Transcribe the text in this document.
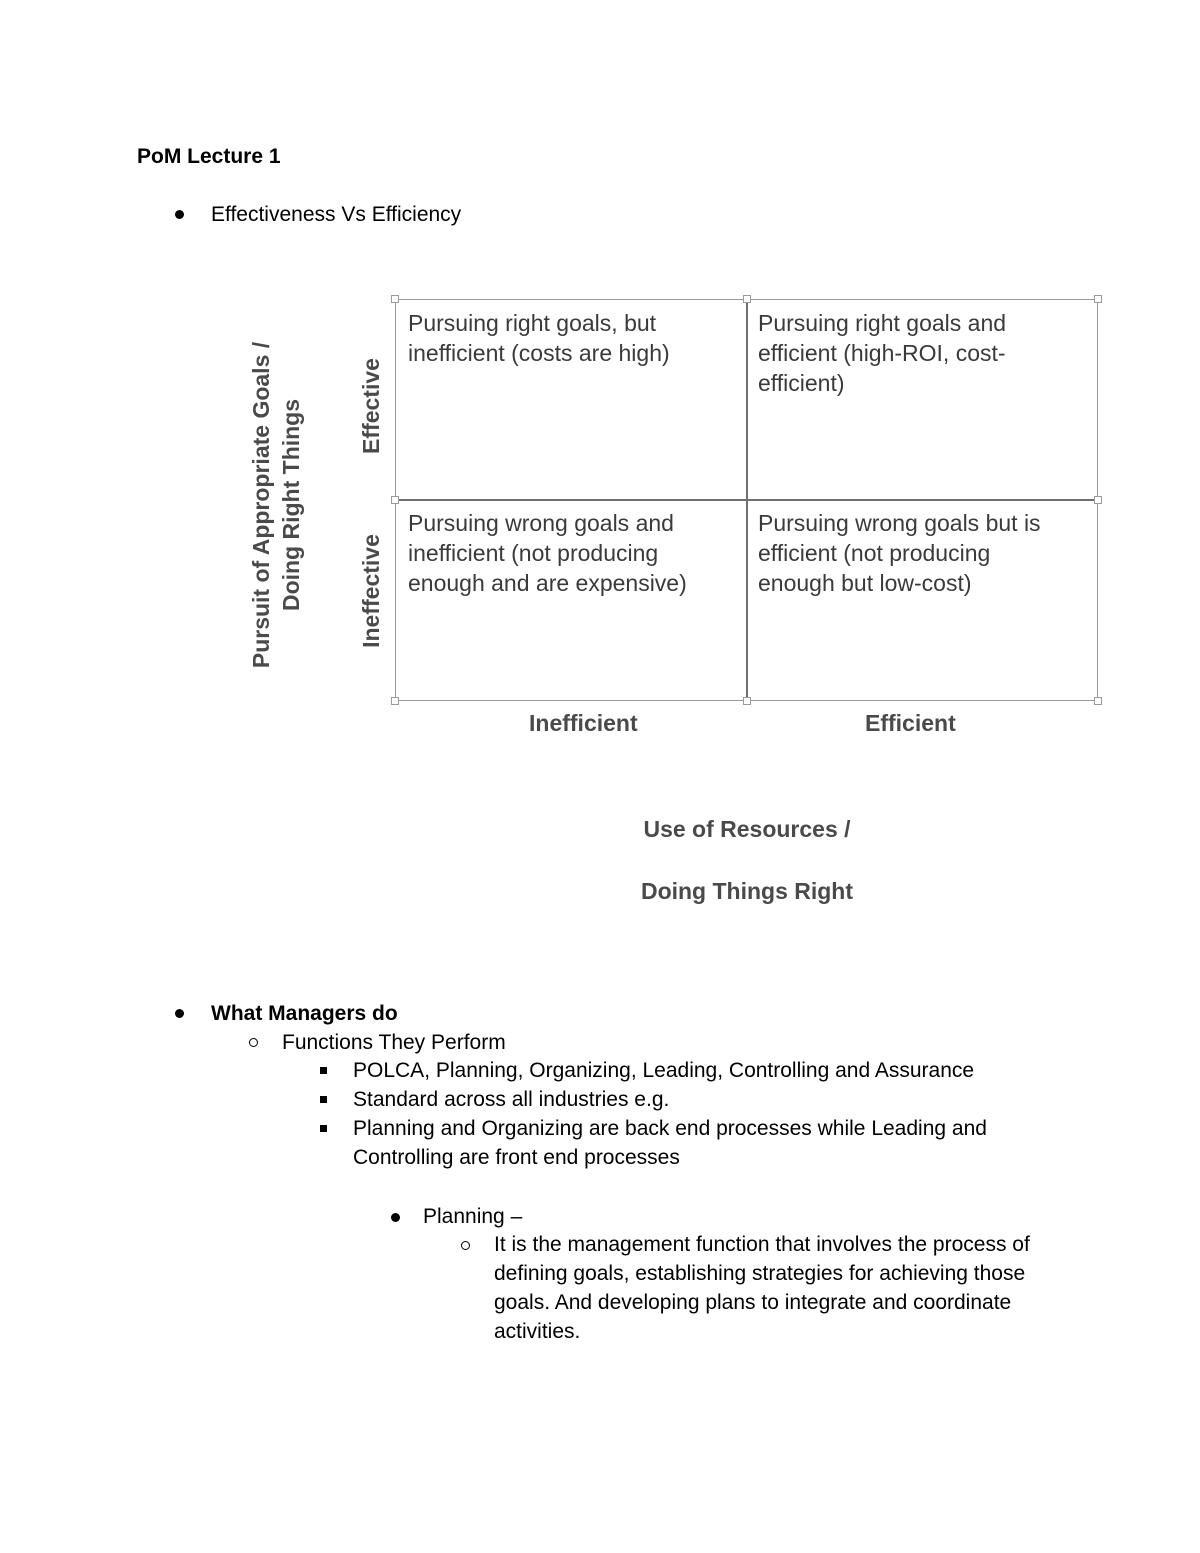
PoM Lecture 1
Effectiveness Vs Efficiency
Pursuit of Appropriate Goals / Doing Right Things Effective
Ineffective
Pursuing right goals, but
inefficient (costs are high)
Pursuing right goals and
efficient (high-ROI, cost-
efficient)
Pursuing wrong goals and
inefficient (not producing
enough and are expensive)
Pursuing wrong goals but is
efficient (not producing
enough but low-cost)
Inefficient	Efficient

Use of Resources /

Doing Things Right

What Managers do
Functions They Perform
POLCA, Planning, Organizing, Leading, Controlling and Assurance
Standard across all industries e.g.
Planning and Organizing are back end processes while Leading and
Controlling are front end processes
Planning –
It is the management function that involves the process of
defining goals, establishing strategies for achieving those
goals. And developing plans to integrate and coordinate
activities.
